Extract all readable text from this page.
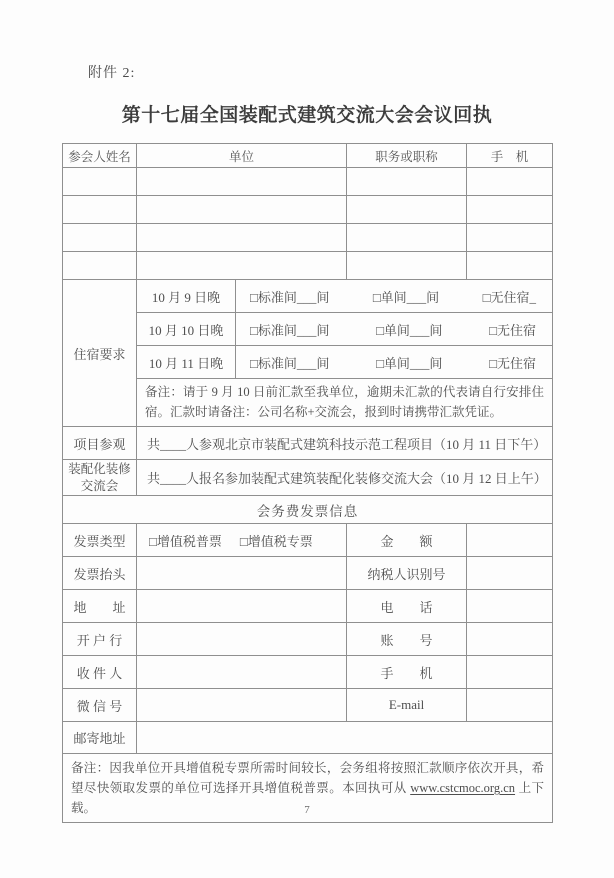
附件 2:
第十七届全国装配式建筑交流大会会议回执
参会人姓名	单位		职务或职称	手　机

住宿要求	10 月 9 日晚	□标准间___间 □单间___间 □无住宿_		

	10 月 10 日晚	□标准间___间 □单间___间 □无住宿		

	10 月 11 日晚	□标准间___间 □单间___间 □无住宿		

	备注：请于 9 月 10 日前汇款至我单位，逾期未汇款的代表请自行安排住宿。汇款时请备注：公司名称+交流会，报到时请携带汇款凭证。			

项目参观	共____人参观北京市装配式建筑科技示范工程项目（10 月 11 日下午）			

装配化装修
交流会	共____人报名参加装配式建筑装配化装修交流大会（10 月 12 日上午）			
会务费发票信息				
发票类型	□增值税普票 □增值税专票		金　　额	
发票抬头			纳税人识别号	
地　　址			电　　话	
开 户 行			账　　号	
收 件 人			手　　机	
微 信 号			E-mail	
邮寄地址				

备注：因我单位开具增值税专票所需时间较长，会务组将按照汇款顺序依次开具，希望尽快领取发票的单位可选择开具增值税普票。本回执可从 www.cstcmoc.org.cn 上下载。					7
